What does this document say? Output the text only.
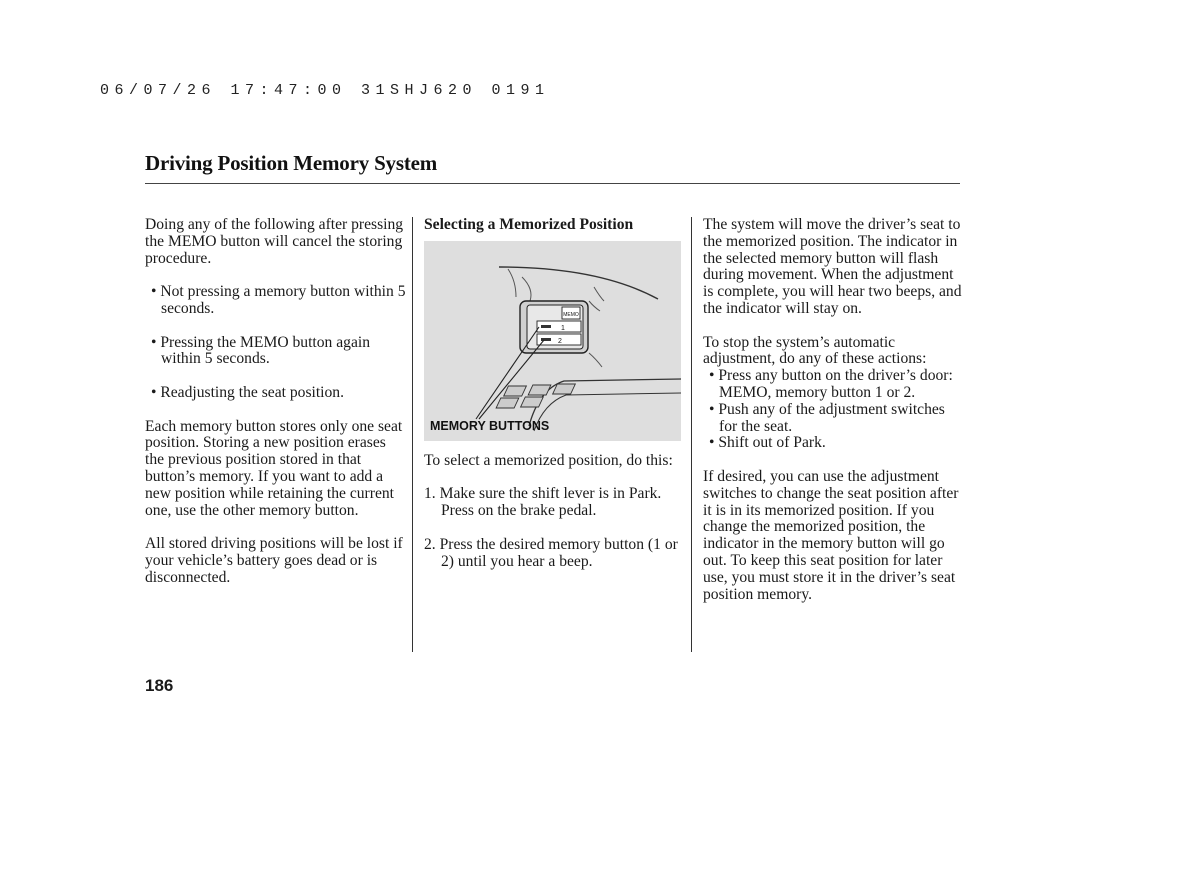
06/07/26 17:47:00 31SHJ620 0191
Driving Position Memory System

Doing any of the following after pressing the MEMO button will cancel the storing procedure.

• Not pressing a memory button within 5 seconds.

• Pressing the MEMO button again within 5 seconds.

• Readjusting the seat position.

Each memory button stores only one seat position. Storing a new position erases the previous position stored in that button’s memory. If you want to add a new position while retaining the current one, use the other memory button.

All stored driving positions will be lost if your vehicle’s battery goes dead or is disconnected.

Selecting a Memorized Position

MEMO
1
2
MEMORY BUTTONS

To select a memorized position, do this:

1. Make sure the shift lever is in Park. Press on the brake pedal.

2. Press the desired memory button (1 or 2) until you hear a beep.

The system will move the driver’s seat to the memorized position. The indicator in the selected memory button will flash during movement. When the adjustment is complete, you will hear two beeps, and the indicator will stay on.

To stop the system’s automatic adjustment, do any of these actions:

• Press any button on the driver’s door: MEMO, memory button 1 or 2.

• Push any of the adjustment switches for the seat.

• Shift out of Park.

If desired, you can use the adjustment switches to change the seat position after it is in its memorized position. If you change the memorized position, the indicator in the memory button will go out. To keep this seat position for later use, you must store it in the driver’s seat position memory.

186
